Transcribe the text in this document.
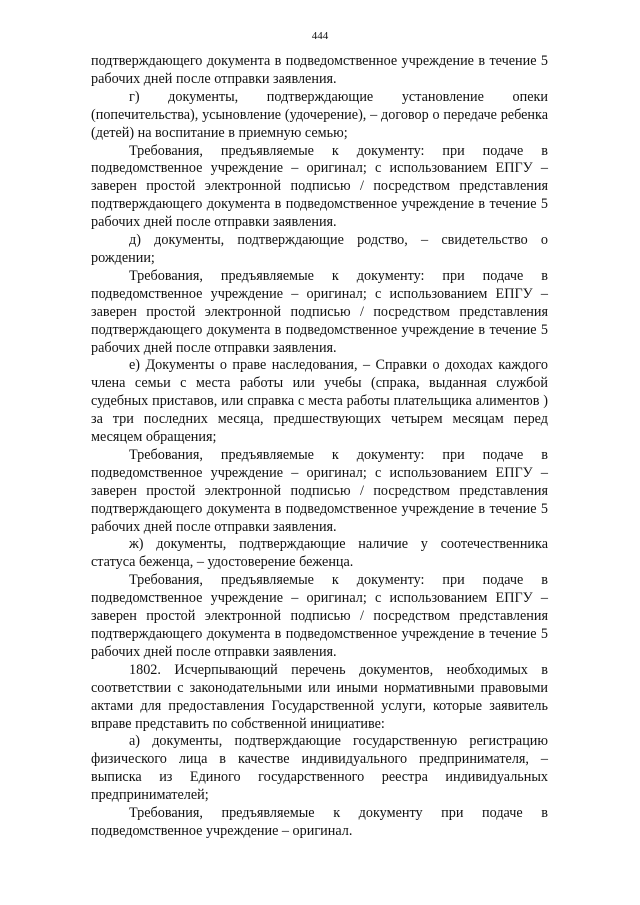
444

подтверждающего документа в подведомственное учреждение в течение 5 рабочих дней после отправки заявления.

г) документы, подтверждающие установление опеки (попечительства), усыновление (удочерение), – договор о передаче ребенка (детей) на воспитание в приемную семью;

Требования, предъявляемые к документу: при подаче в подведомственное учреждение – оригинал; с использованием ЕПГУ – заверен простой электронной подписью / посредством представления подтверждающего документа в подведомственное учреждение в течение 5 рабочих дней после отправки заявления.

д) документы, подтверждающие родство, – свидетельство о рождении;

Требования, предъявляемые к документу: при подаче в подведомственное учреждение – оригинал; с использованием ЕПГУ – заверен простой электронной подписью / посредством представления подтверждающего документа в подведомственное учреждение в течение 5 рабочих дней после отправки заявления.

е) Документы о праве наследования, – Справки о доходах каждого члена семьи с места работы или учебы (спрака, выданная службой судебных приставов, или справка с места работы плательщика алиментов ) за три последних месяца, предшествующих четырем месяцам перед месяцем обращения;

Требования, предъявляемые к документу: при подаче в подведомственное учреждение – оригинал; с использованием ЕПГУ – заверен простой электронной подписью / посредством представления подтверждающего документа в подведомственное учреждение в течение 5 рабочих дней после отправки заявления.

ж) документы, подтверждающие наличие у соотечественника статуса беженца, – удостоверение беженца.

Требования, предъявляемые к документу: при подаче в подведомственное учреждение – оригинал; с использованием ЕПГУ – заверен простой электронной подписью / посредством представления подтверждающего документа в подведомственное учреждение в течение 5 рабочих дней после отправки заявления.

1802. Исчерпывающий перечень документов, необходимых в соответствии с законодательными или иными нормативными правовыми актами для предоставления Государственной услуги, которые заявитель вправе представить по собственной инициативе:

а) документы, подтверждающие государственную регистрацию физического лица в качестве индивидуального предпринимателя, – выписка из Единого государственного реестра индивидуальных предпринимателей;

Требования, предъявляемые к документу при подаче в подведомственное учреждение – оригинал.
